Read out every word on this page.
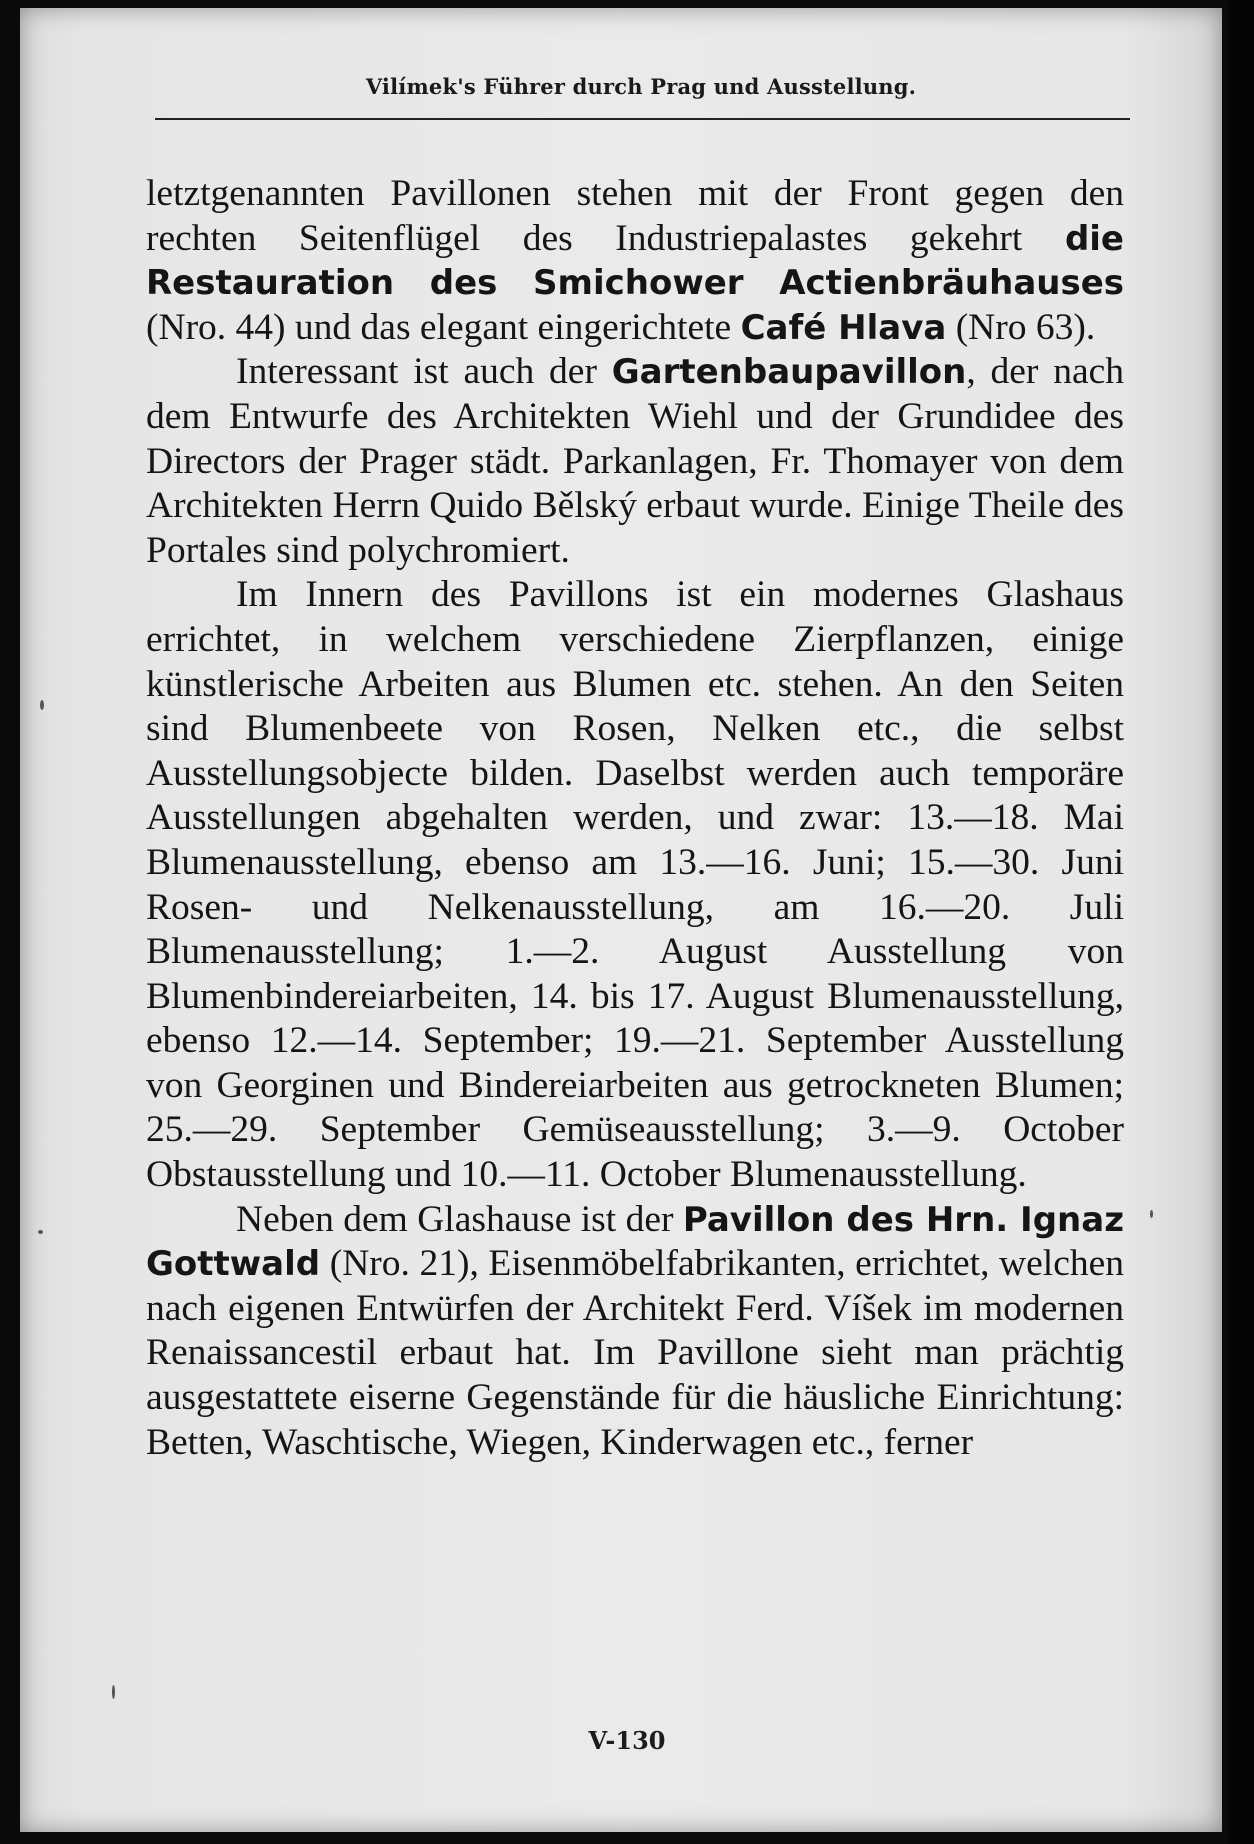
Vilímek's Führer durch Prag und Ausstellung.

letztgenannten Pavillonen stehen mit der Front gegen den rechten Seitenflügel des Industriepalastes gekehrt die Restauration des Smichower Actienbräuhauses (Nro. 44) und das elegant eingerichtete Café Hlava (Nro 63).

Interessant ist auch der Gartenbaupavillon, der nach dem Entwurfe des Architekten Wiehl und der Grundidee des Directors der Prager städt. Parkanlagen, Fr. Thomayer von dem Architekten Herrn Quido Bělský erbaut wurde. Einige Theile des Portales sind polychromiert.

Im Innern des Pavillons ist ein modernes Glashaus errichtet, in welchem verschiedene Zierpflanzen, einige künstlerische Arbeiten aus Blumen etc. stehen. An den Seiten sind Blumenbeete von Rosen, Nelken etc., die selbst Ausstellungsobjecte bilden. Daselbst werden auch temporäre Ausstellungen abgehalten werden, und zwar: 13.—18. Mai Blumenausstellung, ebenso am 13.—16. Juni; 15.—30. Juni Rosen- und Nelkenausstellung, am 16.—20. Juli Blumenausstellung; 1.—2. August Ausstellung von Blumenbindereiarbeiten, 14. bis 17. August Blumenausstellung, ebenso 12.—14. September; 19.—21. September Ausstellung von Georginen und Bindereiarbeiten aus getrockneten Blumen; 25.—29. September Gemüseausstellung; 3.—9. October Obstausstellung und 10.—11. October Blumenausstellung.

Neben dem Glashause ist der Pavillon des Hrn. Ignaz Gottwald (Nro. 21), Eisenmöbelfabrikanten, errichtet, welchen nach eigenen Entwürfen der Architekt Ferd. Víšek im modernen Renaissancestil erbaut hat. Im Pavillone sieht man prächtig ausgestattete eiserne Gegenstände für die häusliche Einrichtung: Betten, Waschtische, Wiegen, Kinderwagen etc., ferner

V-130
